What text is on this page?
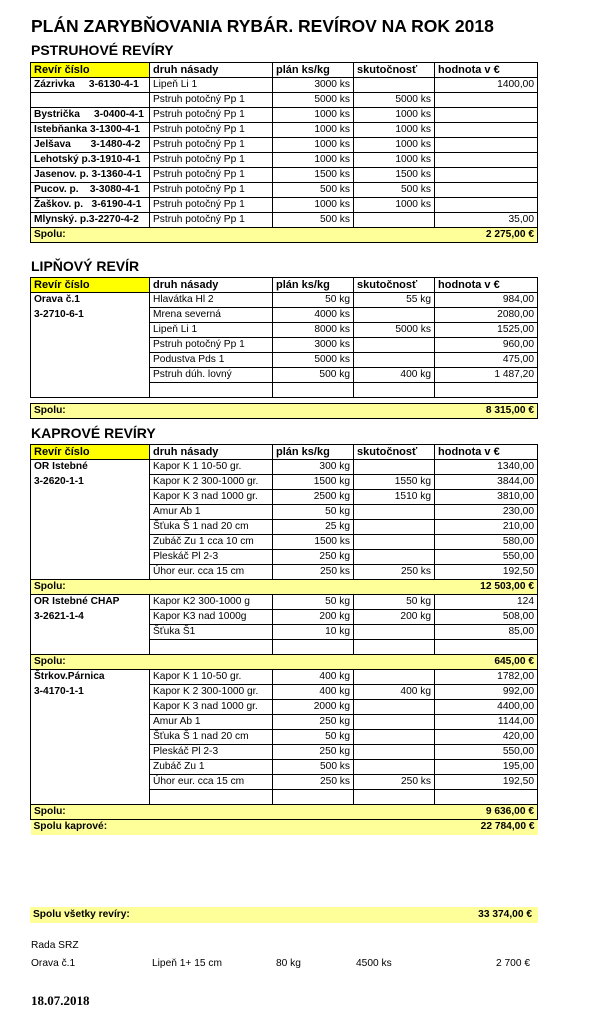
PLÁN ZARYBŇOVANIA RYBÁR. REVÍROV NA ROK 2018
PSTRUHOVÉ REVÍRY
Revír číslo	druh násady	plán ks/kg	skutočnosť	hodnota v €
Zázrivka     3-6130-4-1	Lipeň Li 1	3000 ks		1400,00
	Pstruh potočný Pp 1	5000 ks	5000 ks	
Bystrička     3-0400-4-1	Pstruh potočný Pp 1	1000 ks	1000 ks	
Istebňanka 3-1300-4-1	Pstruh potočný Pp 1	1000 ks	1000 ks	
Jelšava       3-1480-4-2	Pstruh potočný Pp 1	1000 ks	1000 ks	
Lehotský p.3-1910-4-1	Pstruh potočný Pp 1	1000 ks	1000 ks	
Jasenov. p. 3-1360-4-1	Pstruh potočný Pp 1	1500 ks	1500 ks	
Pucov. p.    3-3080-4-1	Pstruh potočný Pp 1	500 ks	500 ks	
Žaškov. p.   3-6190-4-1	Pstruh potočný Pp 1	1000 ks	1000 ks	
Mlynský. p.3-2270-4-2	Pstruh potočný Pp 1	500 ks		35,00
Spolu:				2 275,00 €
LIPŇOVÝ REVÍR
Revír číslo	druh násady	plán ks/kg	skutočnosť	hodnota v €
Orava č.1	Hlavátka Hl 2	50 kg	55 kg	984,00
3-2710-6-1	Mrena severná	4000 ks		2080,00
	Lipeň Li 1	8000 ks	5000 ks	1525,00
	Pstruh potočný Pp 1	3000 ks		960,00
	Podustva Pds 1	5000 ks		475,00
	Pstruh dúh. lovný	500 kg	400 kg	1 487,20

Spolu:				8 315,00 €
KAPROVÉ REVÍRY
Revír číslo	druh násady	plán ks/kg	skutočnosť	hodnota v €
OR Istebné	Kapor K 1 10-50 gr.	300 kg		1340,00
3-2620-1-1	Kapor K 2 300-1000 gr.	1500 kg	1550 kg	3844,00
	Kapor K 3 nad 1000 gr.	2500 kg	1510 kg	3810,00
	Amur Ab 1	50 kg		230,00
	Šťuka Š 1 nad 20 cm	25 kg		210,00
	Zubáč Zu 1 cca 10 cm	1500 ks		580,00
	Pleskáč Pl 2-3	250 kg		550,00
	Úhor eur. cca 15 cm	250 ks	250 ks	192,50
Spolu:				12 503,00 €
OR Istebné CHAP	Kapor K2 300-1000 g	50 kg	50 kg	124
3-2621-1-4	Kapor K3 nad 1000g	200 kg	200 kg	508,00
	Šťuka Š1	10 kg		85,00

Spolu:				645,00 €
Štrkov.Párnica	Kapor K 1 10-50 gr.	400 kg		1782,00
3-4170-1-1	Kapor K 2 300-1000 gr.	400 kg	400 kg	992,00
	Kapor K 3 nad 1000 gr.	2000 kg		4400,00
	Amur Ab 1	250 kg		1144,00
	Šťuka Š 1 nad 20 cm	50 kg		420,00
	Pleskáč Pl 2-3	250 kg		550,00
	Zubáč Zu 1	500 ks		195,00
	Úhor eur. cca 15 cm	250 ks	250 ks	192,50

Spolu:				9 636,00 €
Spolu kaprové:				22 784,00 €
Spolu všetky revíry:	33 374,00 €
Rada SRZ
Orava č.1	Lipeň 1+ 15 cm	80 kg	4500 ks	2 700 €
18.07.2018
